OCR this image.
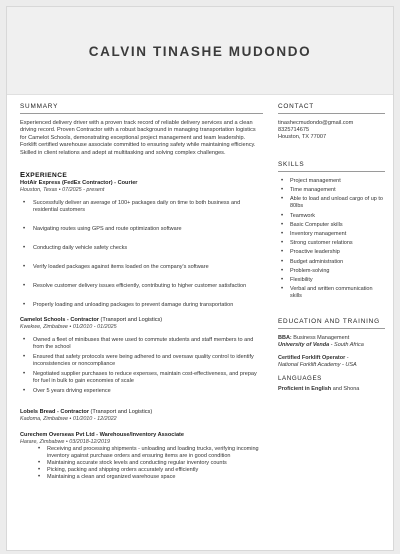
CALVIN TINASHE MUDONDO
SUMMARY
Experienced delivery driver with a proven track record of reliable delivery services and a clean driving record. Proven Contractor with a robust background in managing transportation logistics for Camelot Schools, demonstrating exceptional project management and team leadership. Forklift certified warehouse associate committed to ensuring safety while maintaining efficiency. Skilled in client relations and adept at multitasking and solving complex challenges.
EXPERIENCE
HotAir Express (FedEx Contractor) - Courier
Houston, Texas • 07/2025 - present
• Successfully deliver an average of 100+ packages daily on time to both business and residential customers
• Navigating routes using GPS and route optimization software
• Conducting daily vehicle safety checks
• Verify loaded packages against items loaded on the company's software
• Resolve customer delivery issues efficiently, contributing to higher customer satisfaction
• Properly loading and unloading packages to prevent damage during transportation
Camelot Schools - Contractor (Transport and Logistics)
Kwekwe, Zimbabwe • 01/2010 - 01/2025
• Owned a fleet of minibuses that were used to commute students and staff members to and from the school
• Ensured that safety protocols were being adhered to and oversaw quality control to identify inconsistencies or noncompliance
• Negotiated supplier purchases to reduce expenses, maintain cost-effectiveness, and prepay for fuel in bulk to gain economies of scale
• Over 5 years driving experience
Lobels Bread - Contractor (Transport and Logistics)
Kadoma, Zimbabwe • 01/2010 - 12/2022
Curechem Overseas Pvt Ltd - Warehouse/Inventory Associate
Harare, Zimbabwe • 03/2018-12/2019
• Receiving and processing shipments - unloading and loading trucks, verifying incoming inventory against purchase orders and ensuring items are in good condition
• Maintaining accurate stock levels and conducting regular inventory counts
• Picking, packing and shipping orders accurately and efficiently
• Maintaining a clean and organized warehouse space
CONTACT
tinashecmudondo@gmail.com
8325714675
Houston, TX 77007
SKILLS
• Project management
• Time management
• Able to load and unload cargo of up to 80lbs
• Teamwork
• Basic Computer skills
• Inventory management
• Strong customer relations
• Proactive leadership
• Budget administration
• Problem-solving
• Flexibility
• Verbal and written communication skills
EDUCATION AND TRAINING
BBA: Business Management
University of Venda - South Africa
Certified Forklift Operator -
National Forklift Academy - USA
LANGUAGES
Proficient in English and Shona
